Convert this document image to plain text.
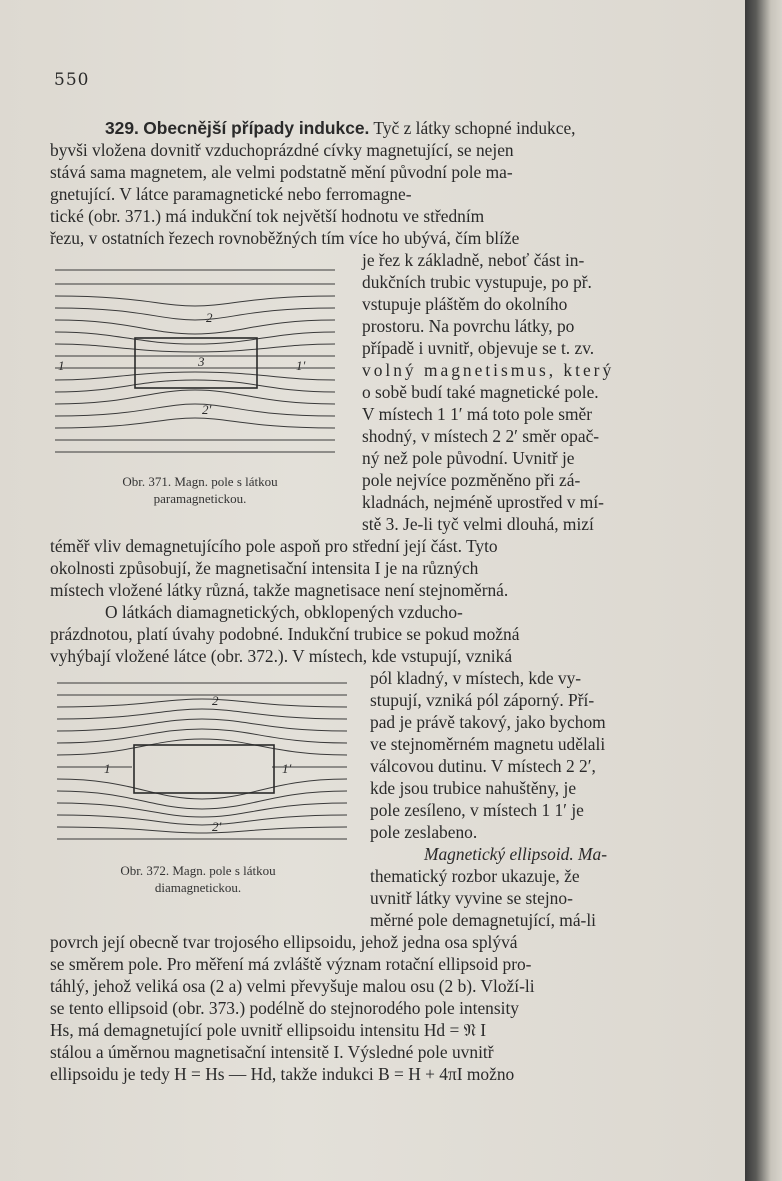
550
329. Obecnější případy indukce. Tyč z látky schopné indukce,
byvši vložena dovnitř vzduchoprázdné cívky magnetující, se nejen
stává sama magnetem, ale velmi podstatně mění původní pole ma-
gnetující. V látce paramagnetické nebo ferromagne-
tické (obr. 371.) má indukční tok největší hodnotu ve středním
řezu, v ostatních řezech rovnoběžných tím více ho ubývá, čím blíže
je řez k základně, neboť část in-
dukčních trubic vystupuje, po př.
vstupuje pláštěm do okolního
prostoru. Na povrchu látky, po
případě i uvnitř, objevuje se t. zv.
volný magnetismus, který
o sobě budí také magnetické pole.
V místech 1 1′ má toto pole směr
shodný, v místech 2 2′ směr opač-
ný než pole původní. Uvnitř je
pole nejvíce pozměněno při zá-
kladnách, nejméně uprostřed v mí-
stě 3. Je-li tyč velmi dlouhá, mizí
1
2
3
2′
1′
Obr. 371. Magn. pole s látkou
paramagnetickou.
téměř vliv demagnetujícího pole aspoň pro střední její část. Tyto
okolnosti způsobují, že magnetisační intensita I je na různých
místech vložené látky různá, takže magnetisace není stejnoměrná.
O látkách diamagnetických, obklopených vzducho-
prázdnotou, platí úvahy podobné. Indukční trubice se pokud možná
vyhýbají vložené látce (obr. 372.). V místech, kde vstupují, vzniká
pól kladný, v místech, kde vy-
stupují, vzniká pól záporný. Pří-
pad je právě takový, jako bychom
ve stejnoměrném magnetu udělali
válcovou dutinu. V místech 2 2′,
kde jsou trubice nahuštěny, je
pole zesíleno, v místech 1 1′ je
pole zeslabeno.
Magnetický ellipsoid. Ma-
thematický rozbor ukazuje, že
uvnitř látky vyvine se stejno-
měrné pole demagnetující, má-li
1
2
2′
1′
Obr. 372. Magn. pole s látkou
diamagnetickou.
povrch její obecně tvar trojosého ellipsoidu, jehož jedna osa splývá
se směrem pole. Pro měření má zvláště význam rotační ellipsoid pro-
táhlý, jehož veliká osa (2 a) velmi převyšuje malou osu (2 b). Vloží-li
se tento ellipsoid (obr. 373.) podélně do stejnorodého pole intensity
Hs, má demagnetující pole uvnitř ellipsoidu intensitu Hd = 𝔑 I
stálou a úměrnou magnetisační intensitě I. Výsledné pole uvnitř
ellipsoidu je tedy H = Hs — Hd, takže indukci B = H + 4πI možno
